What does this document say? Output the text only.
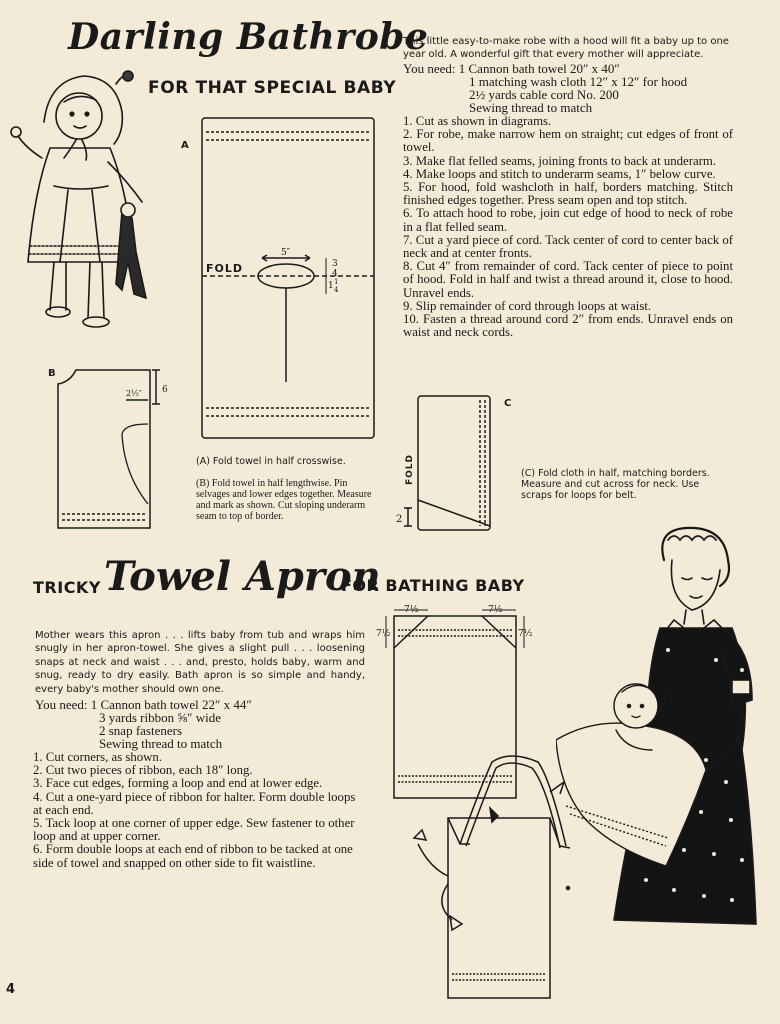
Darling Bathrobe
FOR THAT SPECIAL BABY
A
FOLD
5″
3
4
1 1
4
B
6
2½″
(A) Fold towel in half crosswise.
(B) Fold towel in half lengthwise. Pin selvages and lower edges together. Measure and mark as shown. Cut sloping underarm seam to top of border.
This little easy-to-make robe with a hood will fit a baby up to one year old. A wonderful gift that every mother will appreciate.

You need: 1 Cannon bath towel 20″ x 40″

1 matching wash cloth 12″ x 12″ for hood

2½ yards cable cord No. 200

Sewing thread to match

1. Cut as shown in diagrams.

2. For robe, make narrow hem on straight; cut edges of front of towel.

3. Make flat felled seams, joining fronts to back at underarm.

4. Make loops and stitch to underarm seams, 1″ below curve.

5. For hood, fold washcloth in half, borders matching. Stitch finished edges together. Press seam open and top stitch.

6. To attach hood to robe, join cut edge of hood to neck of robe in a flat felled seam.

7. Cut a yard piece of cord. Tack center of cord to center back of neck and at center fronts.

8. Cut 4″ from remainder of cord. Tack center of piece to point of hood. Fold in half and twist a thread around it, close to hood. Unravel ends.

9. Slip remainder of cord through loops at waist.

10. Fasten a thread around cord 2″ from ends. Unravel ends on waist and neck cords.

C
FOLD
2
(C) Fold cloth in half, matching borders. Measure and cut across for neck. Use scraps for loops for belt.
TRICKY Towel Apron
FOR BATHING BABY
Mother wears this apron . . . lifts baby from tub and wraps him snugly in her apron-towel. She gives a slight pull . . . loosening snaps at neck and waist . . . and, presto, holds baby, warm and snug, ready to dry easily. Bath apron is so simple and handy, every baby's mother should own one.

You need: 1 Cannon bath towel 22″ x 44″

3 yards ribbon ⅝″ wide

2 snap fasteners

Sewing thread to match

1. Cut corners, as shown.

2. Cut two pieces of ribbon, each 18″ long.

3. Face cut edges, forming a loop and end at lower edge.

4. Cut a one-yard piece of ribbon for halter. Form double loops at each end.

5. Tack loop at one corner of upper edge. Sew fastener to other loop and at upper corner.

6. Form double loops at each end of ribbon to be tacked at one side of towel and snapped on other side to fit waistline.

7½	7½
7½	7½
4
